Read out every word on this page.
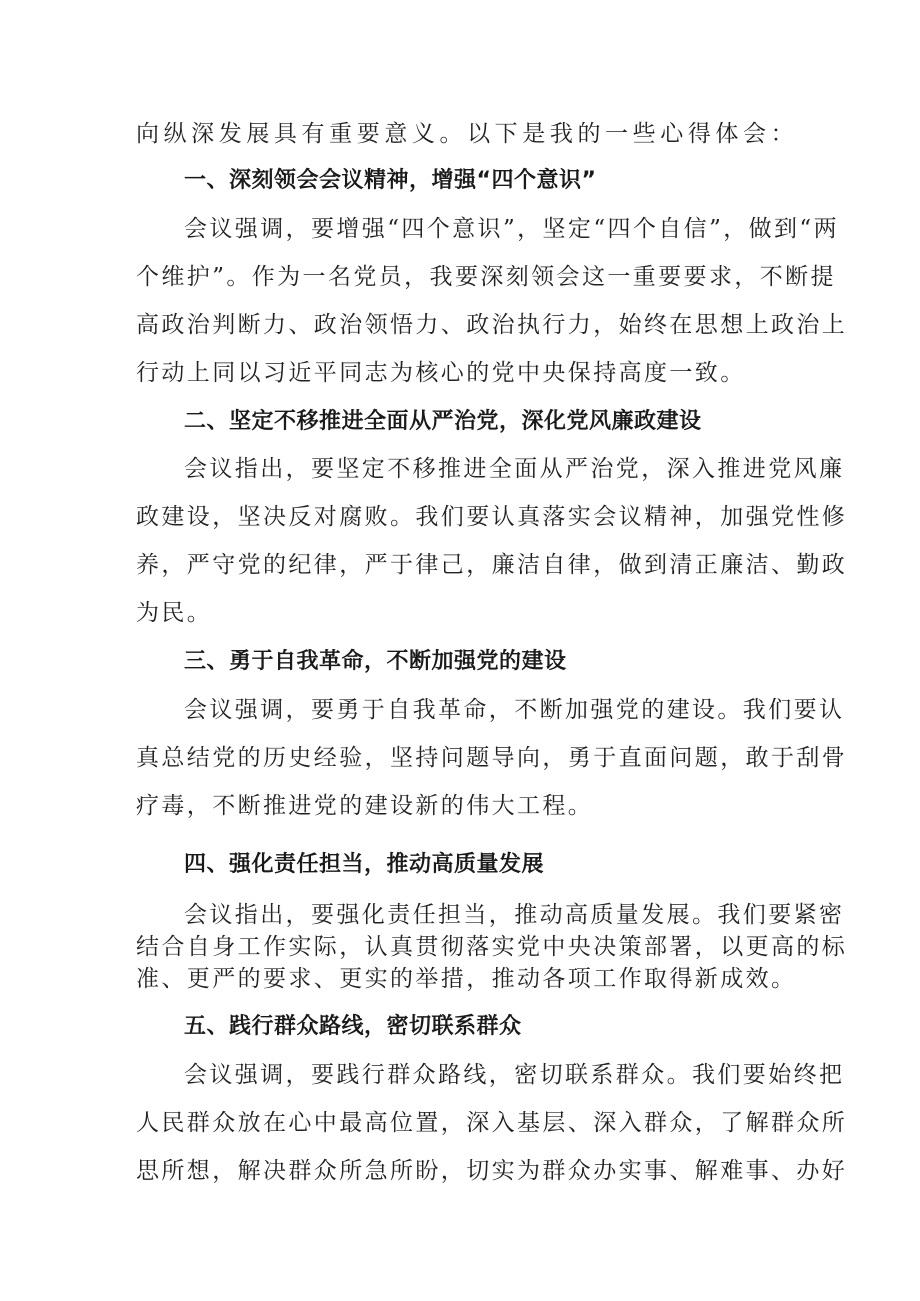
向纵深发展具有重要意义。以下是我的一些心得体会：
一、深刻领会会议精神，增强“四个意识”
会议强调，要增强“四个意识”，坚定“四个自信”，做到“两
个维护”。作为一名党员，我要深刻领会这一重要要求，不断提
高政治判断力、政治领悟力、政治执行力，始终在思想上政治上
行动上同以习近平同志为核心的党中央保持高度一致。
二、坚定不移推进全面从严治党，深化党风廉政建设
会议指出，要坚定不移推进全面从严治党，深入推进党风廉
政建设，坚决反对腐败。我们要认真落实会议精神，加强党性修
养，严守党的纪律，严于律己，廉洁自律，做到清正廉洁、勤政
为民。
三、勇于自我革命，不断加强党的建设
会议强调，要勇于自我革命，不断加强党的建设。我们要认
真总结党的历史经验，坚持问题导向，勇于直面问题，敢于刮骨
疗毒，不断推进党的建设新的伟大工程。
四、强化责任担当，推动高质量发展
会议指出，要强化责任担当，推动高质量发展。我们要紧密
结合自身工作实际，认真贯彻落实党中央决策部署，以更高的标
准、更严的要求、更实的举措，推动各项工作取得新成效。
五、践行群众路线，密切联系群众
会议强调，要践行群众路线，密切联系群众。我们要始终把
人民群众放在心中最高位置，深入基层、深入群众，了解群众所
思所想，解决群众所急所盼，切实为群众办实事、解难事、办好
